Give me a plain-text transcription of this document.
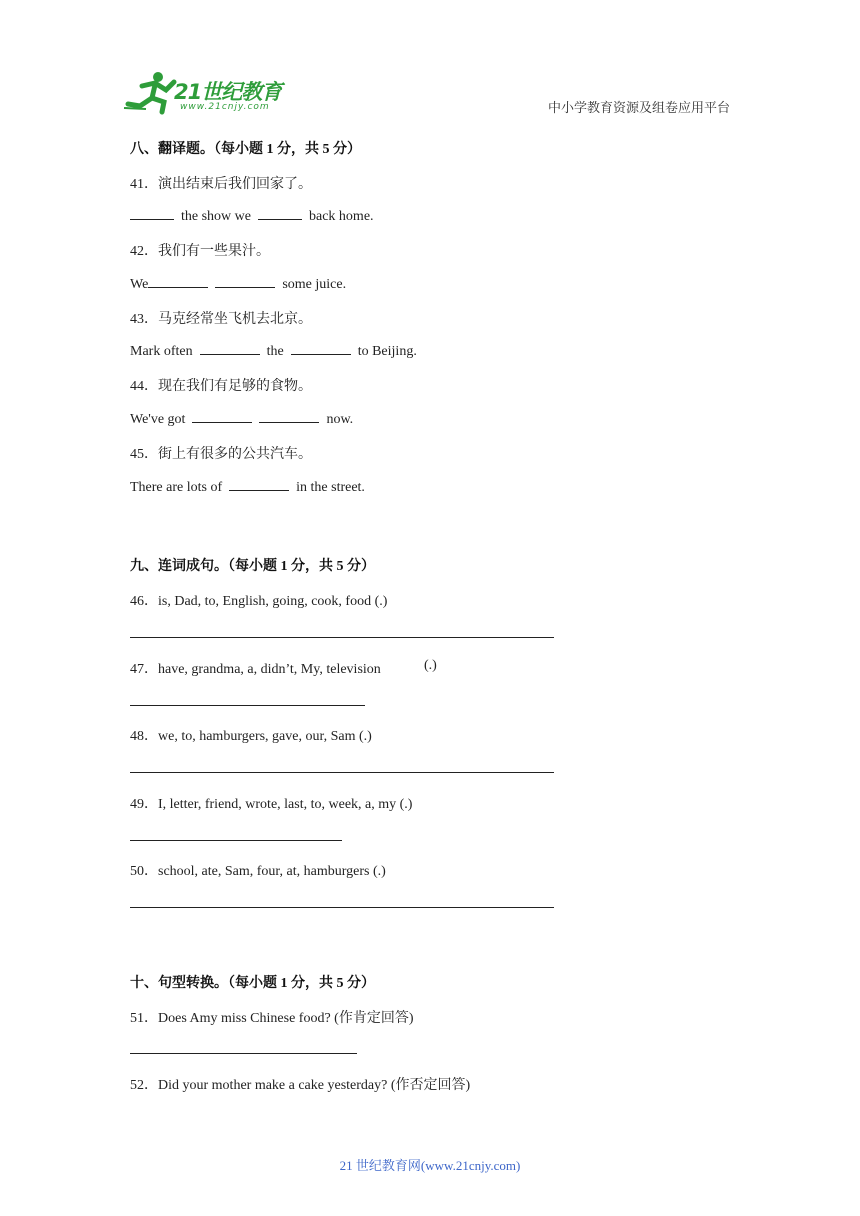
21世纪教育
www.21cnjy.com	中小学教育资源及组卷应用平台
八、翻译题。（每小题 1 分，共 5 分）
41．演出结束后我们回家了。
the show we	back home.
42．我们有一些果汁。
We	some juice.
43．马克经常坐飞机去北京。
Mark often	the	to Beijing.
44．现在我们有足够的食物。
We've got	now.
45．街上有很多的公共汽车。
There are lots of	in the street.
九、连词成句。（每小题 1 分，共 5 分）
46．is, Dad, to, English, going, cook, food (.)
47．have, grandma, a, didn’t, My, television	(.)
48．we, to, hamburgers, gave, our, Sam (.)
49．I, letter, friend, wrote, last, to, week, a, my (.)
50．school, ate, Sam, four, at, hamburgers (.)
十、句型转换。（每小题 1 分，共 5 分）
51．Does Amy miss Chinese food? (作肯定回答)
52．Did your mother make a cake yesterday? (作否定回答)
21 世纪教育网(www.21cnjy.com)
